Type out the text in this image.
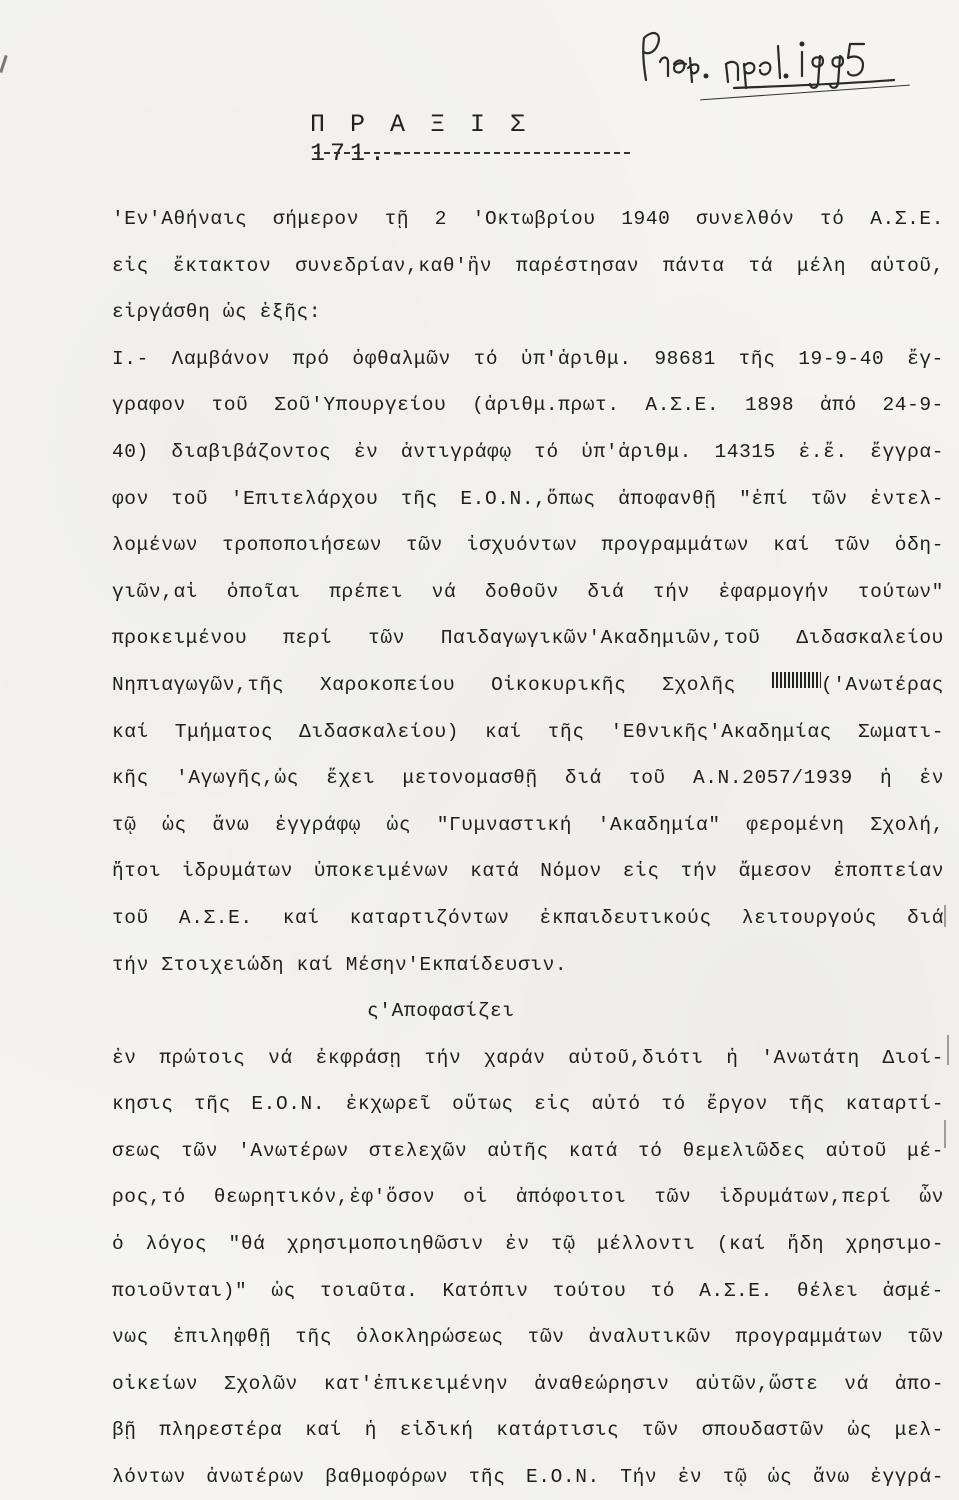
Π Ρ Α Ξ Ι Σ 171.-
'Εν'Αθήναις σήμερον τῇ 2 'Οκτωβρίου 1940 συνελθόν τό Α.Σ.Ε.
εἰς ἔκτακτον συνεδρίαν,καθ'ἣν παρέστησαν πάντα τά μέλη αὐτοῦ,
εἰργάσθη ὡς ἑξῆς:
Ι.- Λαμβάνον πρό ὀφθαλμῶν τό ὑπ'ἀριθμ. 98681 τῆς 19-9-40 ἔγ-
γραφον τοῦ Σοῦ'Υπουργείου (ἀριθμ.πρωτ. Α.Σ.Ε. 1898 ἀπό 24-9-
40) διαβιβάζοντος ἐν ἀντιγράφῳ τό ὑπ'ἀριθμ. 14315 ἐ.ἔ. ἔγγρα-
φον τοῦ 'Επιτελάρχου τῆς Ε.Ο.Ν.,ὅπως ἀποφανθῇ "ἐπί τῶν ἐντελ-
λομένων τροποποιήσεων τῶν ἰσχυόντων προγραμμάτων καί τῶν ὁδη-
γιῶν,αἱ ὁποῖαι πρέπει νά δοθοῦν διά τήν ἐφαρμογήν τούτων"
προκειμένου περί τῶν Παιδαγωγικῶν'Ακαδημιῶν,τοῦ Διδασκαλείου
Νηπιαγωγῶν,τῆς Χαροκοπείου Οἰκοκυρικῆς Σχολῆς	('Ανωτέρας
καί Τμήματος Διδασκαλείου) καί τῆς 'Εθνικῆς'Ακαδημίας Σωματι-
κῆς 'Αγωγῆς,ὡς ἔχει μετονομασθῇ διά τοῦ Α.Ν.2057/1939 ἡ ἐν
τῷ ὡς ἄνω ἐγγράφῳ ὡς "Γυμναστική 'Ακαδημία" φερομένη Σχολή,
ἤτοι ἱδρυμάτων ὑποκειμένων κατά Νόμον εἰς τήν ἄμεσον ἐποπτείαν
τοῦ Α.Σ.Ε. καί καταρτιζόντων ἐκπαιδευτικούς λειτουργούς διά
τήν Στοιχειώδη καί Μέσην'Εκπαίδευσιν.
ς'Αποφασίζει
ἐν πρώτοις νά ἐκφράσῃ τήν χαράν αὐτοῦ,διότι ἡ 'Ανωτάτη Διοί-
κησις τῆς Ε.Ο.Ν. ἐκχωρεῖ οὕτως εἰς αὐτό τό ἔργον τῆς καταρτί-
σεως τῶν 'Ανωτέρων στελεχῶν αὐτῆς κατά τό θεμελιῶδες αὐτοῦ μέ-
ρος,τό θεωρητικόν,ἐφ'ὅσον οἱ ἀπόφοιτοι τῶν ἱδρυμάτων,περί ὧν
ὁ λόγος "θά χρησιμοποιηθῶσιν ἐν τῷ μέλλοντι (καί ἤδη χρησιμο-
ποιοῦνται)" ὡς τοιαῦτα. Κατόπιν τούτου τό Α.Σ.Ε. θέλει ἀσμέ-
νως ἐπιληφθῇ τῆς ὁλοκληρώσεως τῶν ἀναλυτικῶν προγραμμάτων τῶν
οἰκείων Σχολῶν κατ'ἐπικειμένην ἀναθεώρησιν αὐτῶν,ὥστε νά ἀπο-
βῇ πληρεστέρα καί ἡ εἰδική κατάρτισις τῶν σπουδαστῶν ὡς μελ-
λόντων ἀνωτέρων βαθμοφόρων τῆς Ε.Ο.Ν. Τήν ἐν τῷ ὡς ἄνω ἐγγρά-
